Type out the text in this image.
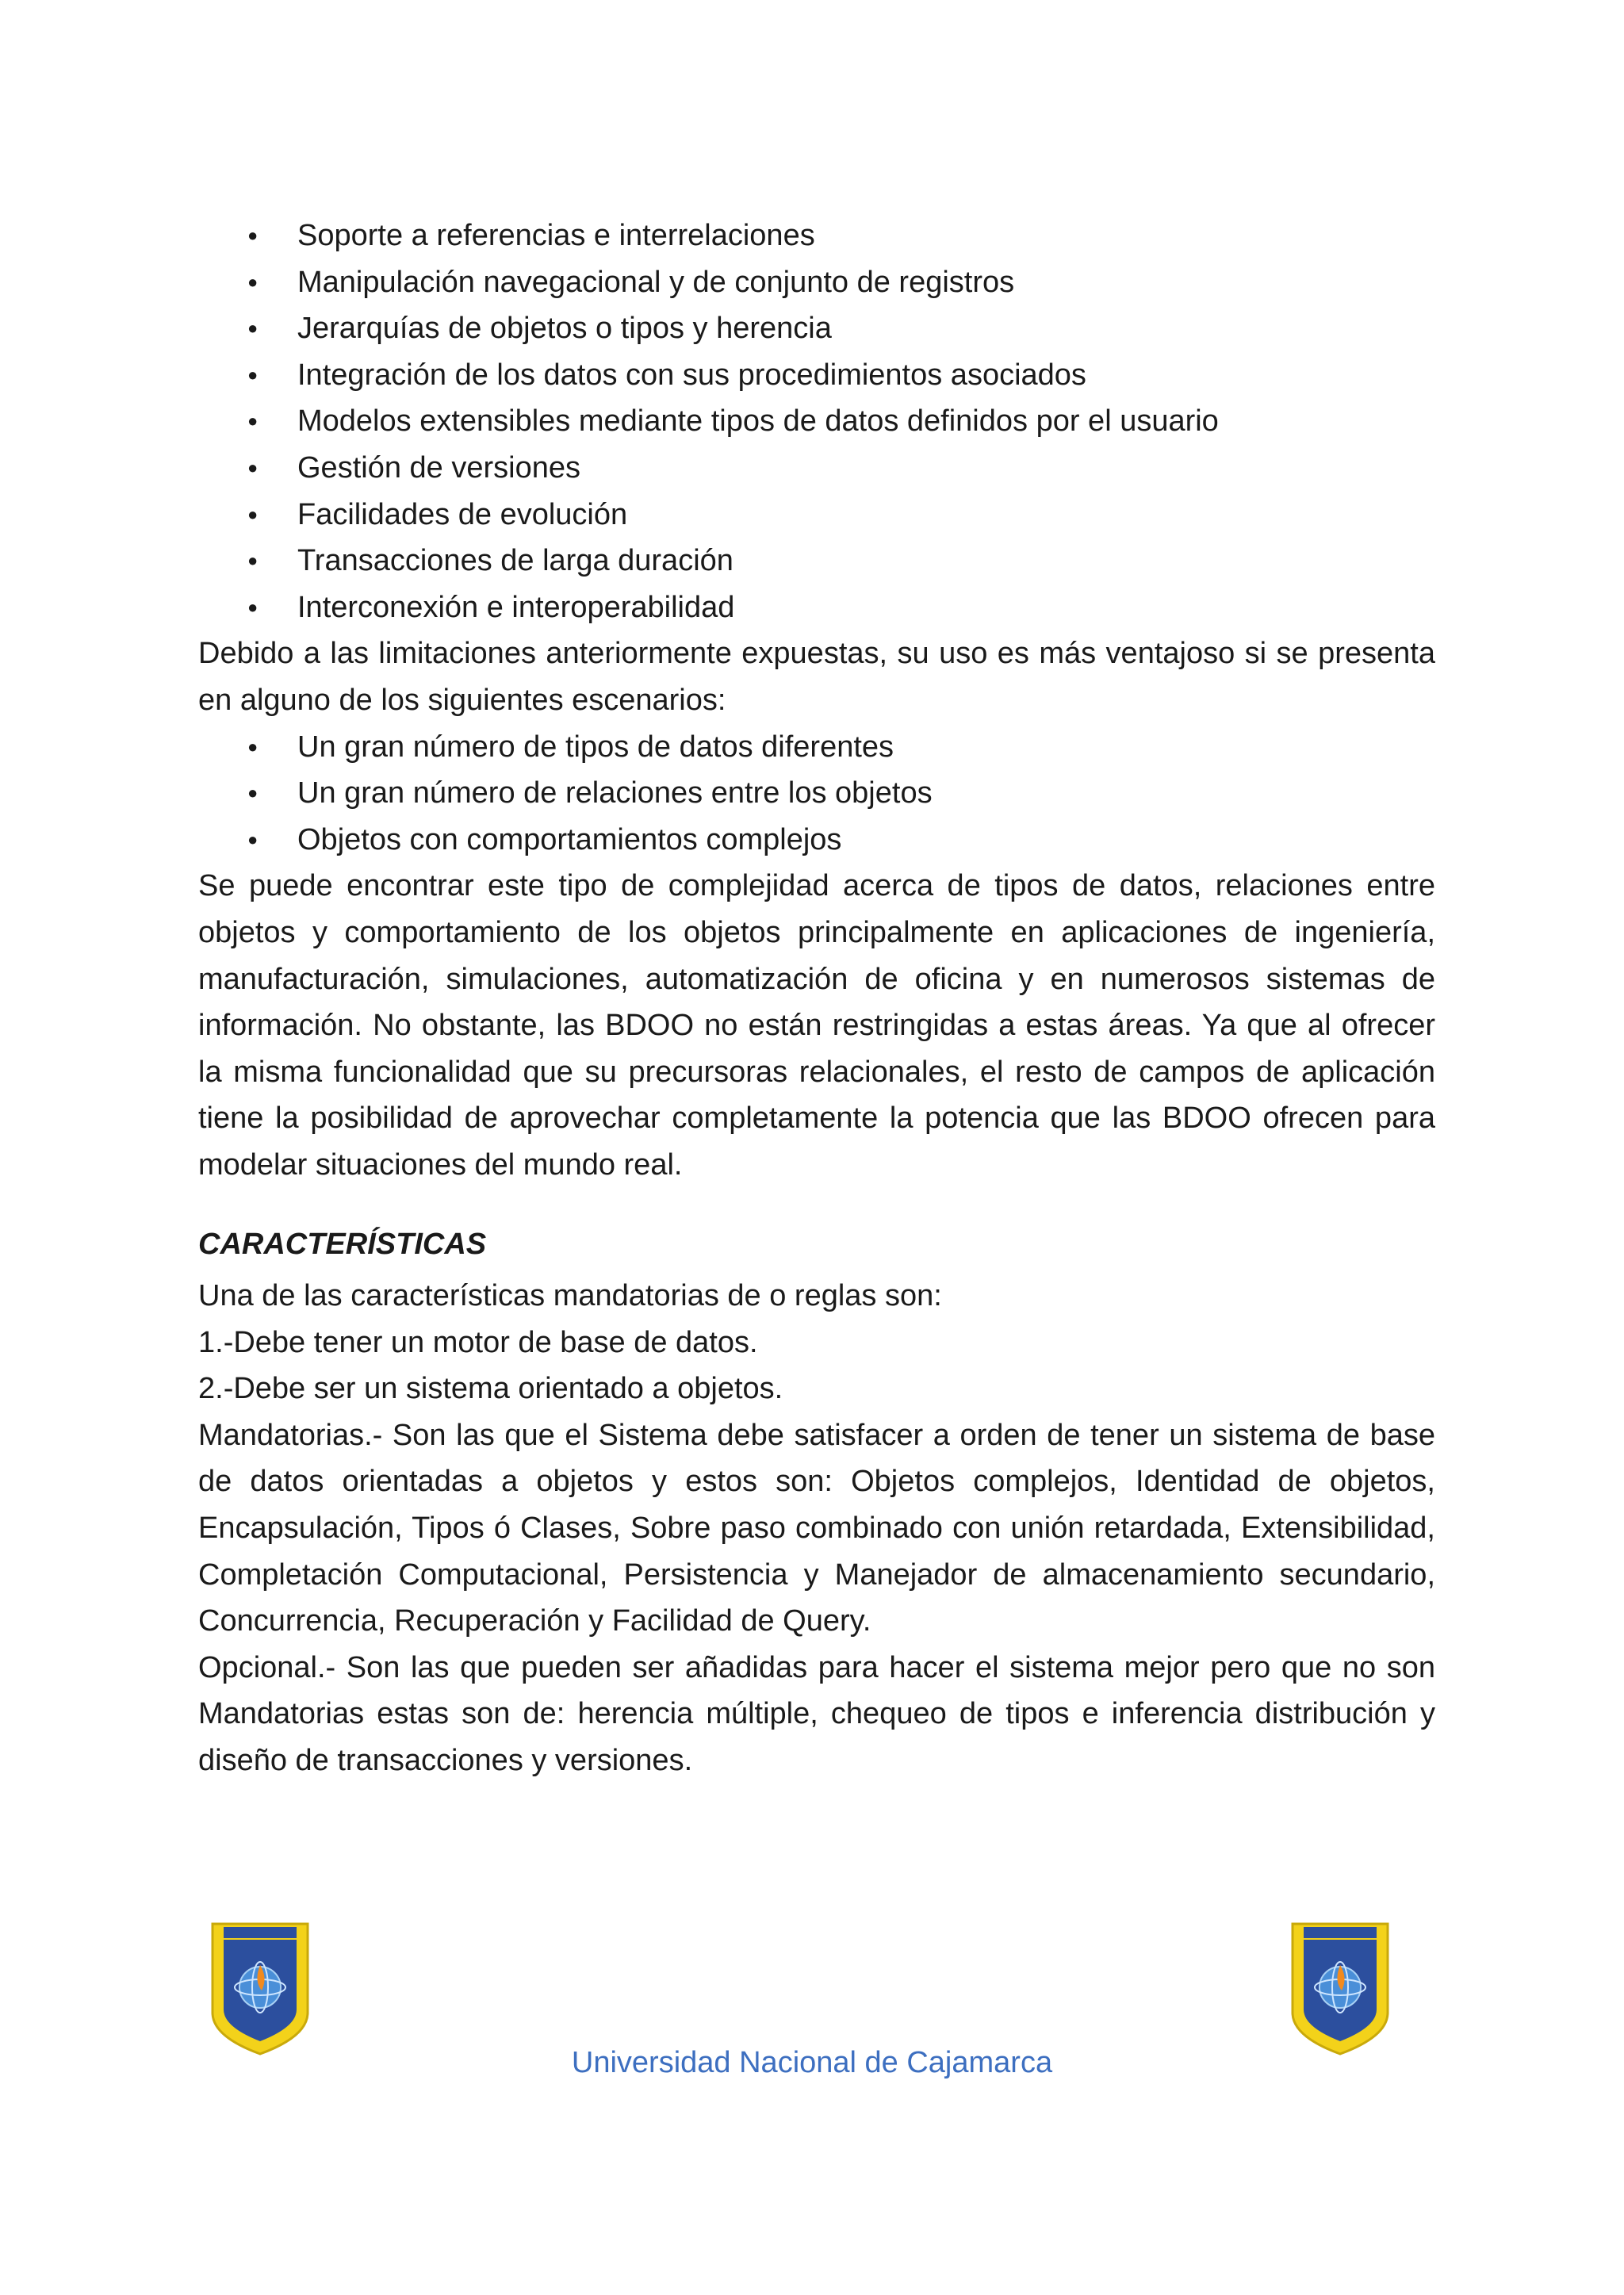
● Soporte a referencias e interrelaciones
● Manipulación navegacional y de conjunto de registros
● Jerarquías de objetos o tipos y herencia
● Integración de los datos con sus procedimientos asociados
● Modelos extensibles mediante tipos de datos definidos por el usuario
● Gestión de versiones
● Facilidades de evolución
● Transacciones de larga duración
● Interconexión e interoperabilidad

Debido a las limitaciones anteriormente expuestas, su uso es más ventajoso si se presenta en alguno de los siguientes escenarios:

● Un gran número de tipos de datos diferentes
● Un gran número de relaciones entre los objetos
● Objetos con comportamientos complejos

Se puede encontrar este tipo de complejidad acerca de tipos de datos, relaciones entre objetos y comportamiento de los objetos principalmente en aplicaciones de ingeniería, manufacturación, simulaciones, automatización de oficina y en numerosos sistemas de información. No obstante, las BDOO no están restringidas a estas áreas. Ya que al ofrecer la misma funcionalidad que su precursoras relacionales, el resto de campos de aplicación tiene la posibilidad de aprovechar completamente la potencia que las BDOO ofrecen para modelar situaciones del mundo real.

CARACTERÍSTICAS

Una de las características mandatorias de o reglas son:

1.-Debe tener un motor de base de datos.

2.-Debe ser un sistema orientado a objetos.

Mandatorias.- Son las que el Sistema debe satisfacer a orden de tener un sistema de base de datos orientadas a objetos y estos son: Objetos complejos, Identidad de objetos, Encapsulación, Tipos ó Clases, Sobre paso combinado con unión retardada, Extensibilidad, Completación Computacional, Persistencia y Manejador de almacenamiento secundario, Concurrencia, Recuperación y Facilidad de Query.

Opcional.- Son las que pueden ser añadidas para hacer el sistema mejor pero que no son Mandatorias estas son de: herencia múltiple, chequeo de tipos e inferencia distribución y diseño de transacciones y versiones.

Universidad Nacional de Cajamarca
